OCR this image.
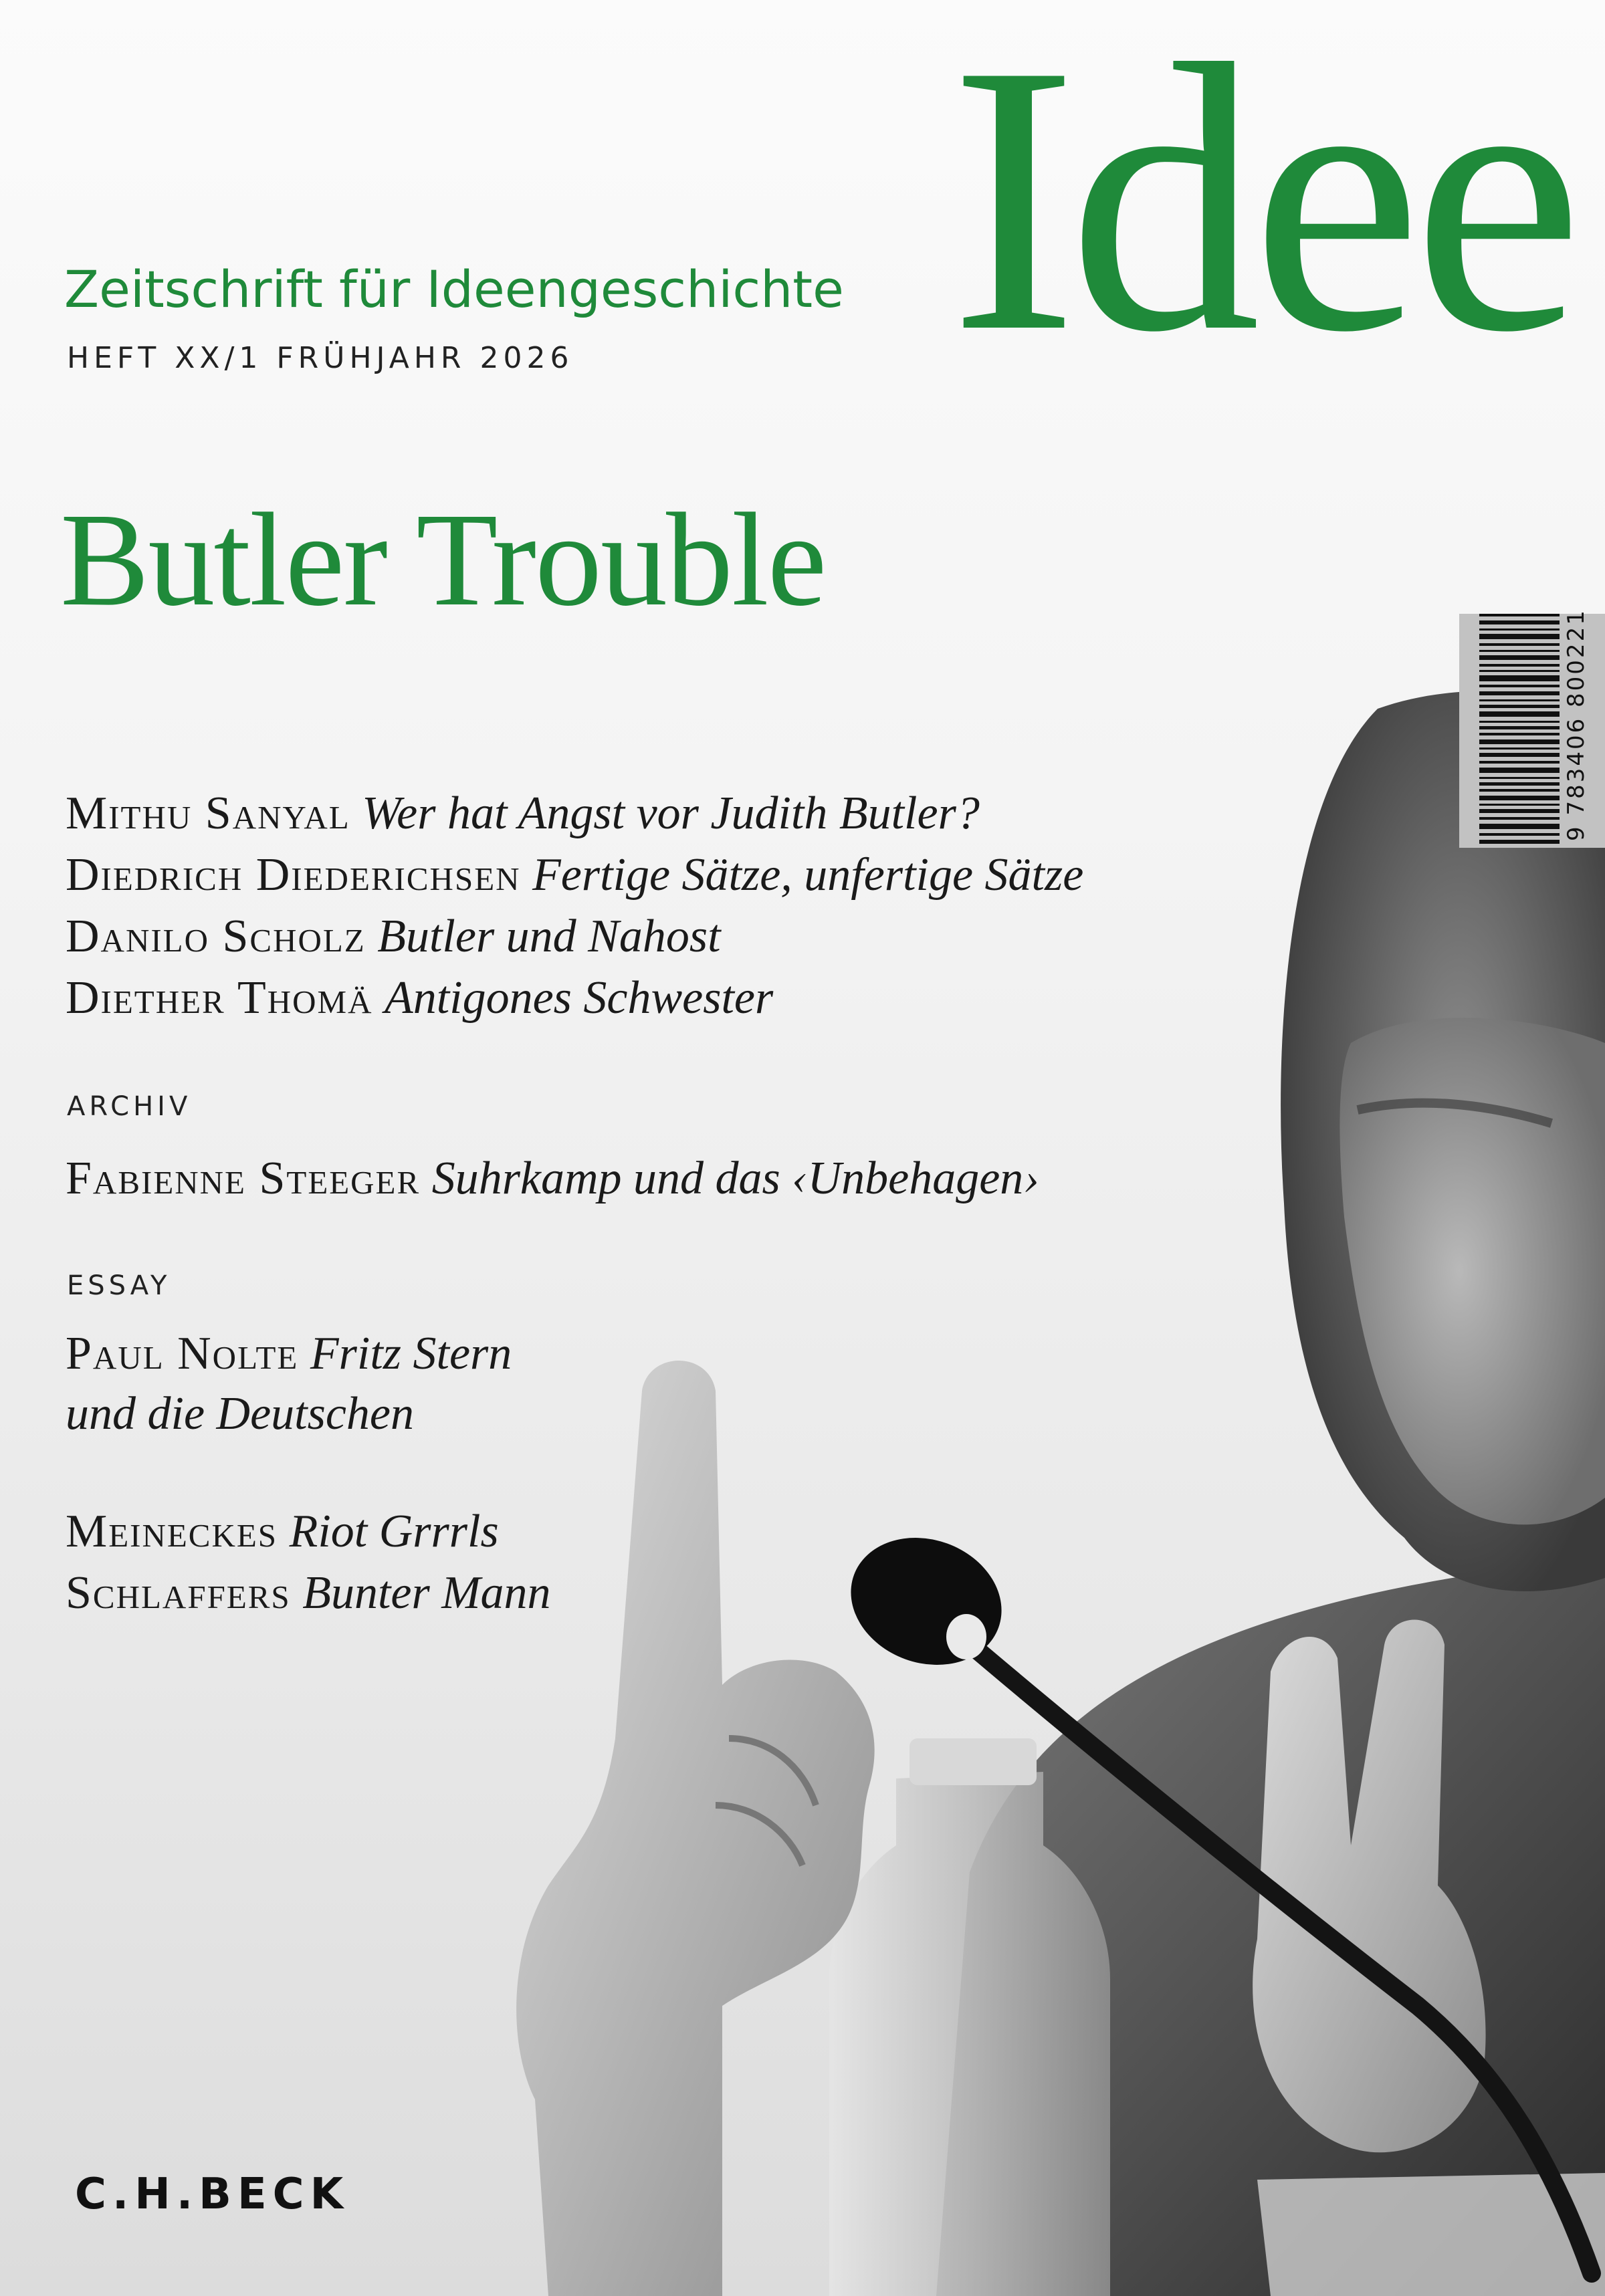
Idee
Zeitschrift für Ideengeschichte
HEFT XX/1 FRÜHJAHR 2026
Butler Trouble
9 783406 800221
Mithu Sanyal Wer hat Angst vor Judith Butler?
Diedrich Diederichsen Fertige Sätze, unfertige Sätze
Danilo Scholz Butler und Nahost
Diether Thomä Antigones Schwester
ARCHIV
Fabienne Steeger Suhrkamp und das ‹Unbehagen›
ESSAY
Paul Nolte Fritz Stern
und die Deutschen
Meineckes Riot Grrrls
Schlaffers Bunter Mann
C.H.BECK
